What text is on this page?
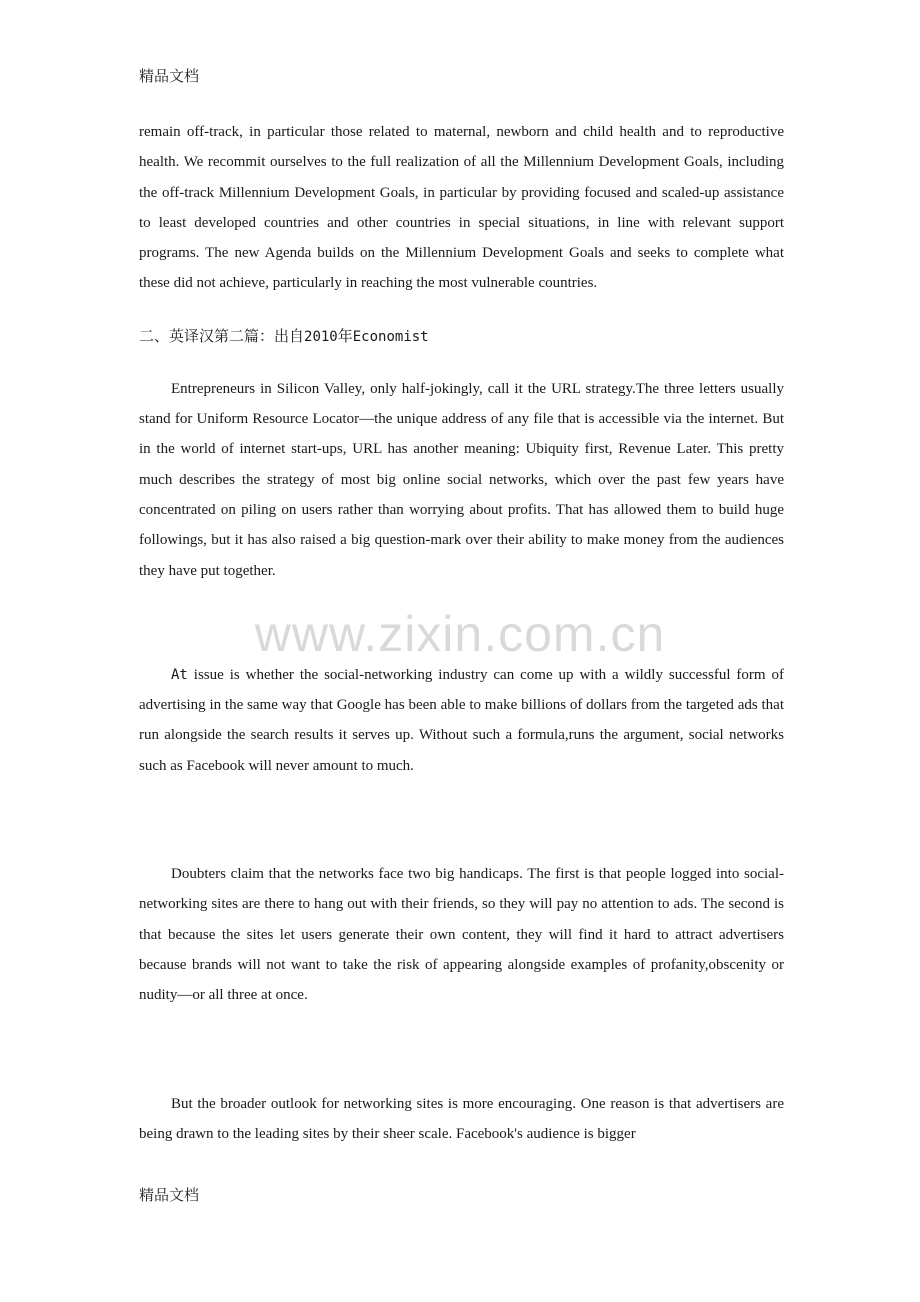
精品文档

remain off-track, in particular those related to maternal, newborn and child health and to reproductive health. We recommit ourselves to the full realization of all the Millennium Development Goals, including the off-track Millennium Development Goals, in particular by providing focused and scaled-up assistance to least developed countries and other countries in special situations, in line with relevant support programs. The new Agenda builds on the Millennium Development Goals and seeks to complete what these did not achieve, particularly in reaching the most vulnerable countries.

二、英译汉第二篇：出自2010年Economist

Entrepreneurs in Silicon Valley, only half-jokingly, call it the URL strategy.The three letters usually stand for Uniform Resource Locator—the unique address of any file that is accessible via the internet. But in the world of internet start-ups, URL has another meaning: Ubiquity first, Revenue Later. This pretty much describes the strategy of most big online social networks, which over the past few years have concentrated on piling on users rather than worrying about profits. That has allowed them to build huge followings, but it has also raised a big question-mark over their ability to make money from the audiences they have put together.

At issue is whether the social-networking industry can come up with a wildly successful form of advertising in the same way that Google has been able to make billions of dollars from the targeted ads that run alongside the search results it serves up. Without such a formula,runs the argument, social networks such as Facebook will never amount to much.

Doubters claim that the networks face two big handicaps. The first is that people logged into social-networking sites are there to hang out with their friends, so they will pay no attention to ads. The second is that because the sites let users generate their own content, they will find it hard to attract advertisers because brands will not want to take the risk of appearing alongside examples of profanity,obscenity or nudity—or all three at once.

But the broader outlook for networking sites is more encouraging. One reason is that advertisers are being drawn to the leading sites by their sheer scale. Facebook's audience is bigger

www.zixin.com.cn
精品文档
